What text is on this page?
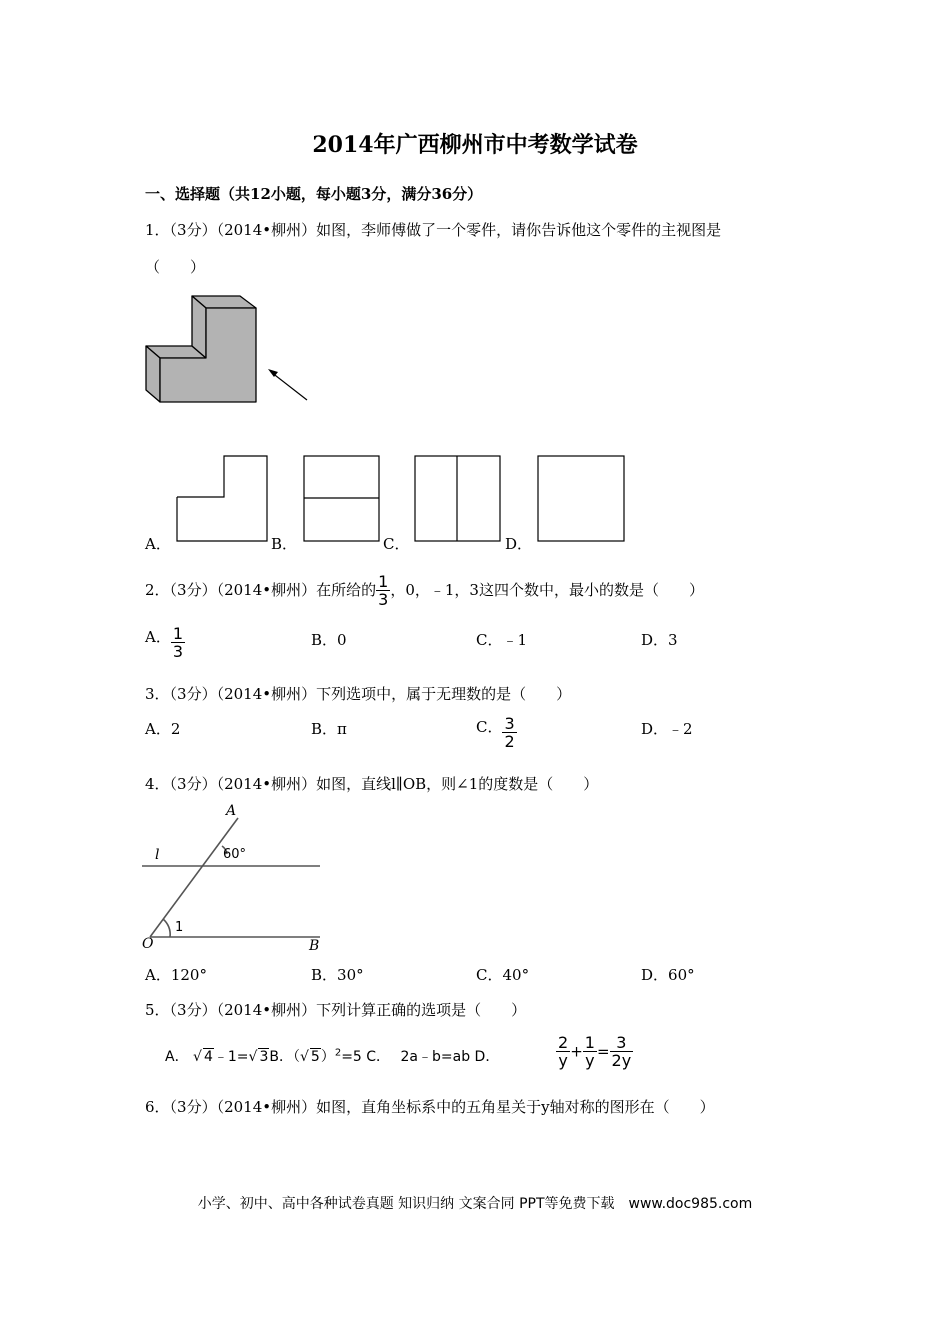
2014年广西柳州市中考数学试卷
一、选择题（共12小题，每小题3分，满分36分）
1．（3分）（2014•柳州）如图，李师傅做了一个零件，请你告诉他这个零件的主视图是
（　　）
A．	B．	C．	D．
2．（3分）（2014•柳州）在所给的 $\frac{1}{3}$ ，0，﹣1，3这四个数中，最小的数是（　　）
A． $\frac{1}{3}$	B．0	C．﹣1	D．3
3．（3分）（2014•柳州）下列选项中，属于无理数的是（　　）
A．2	B．π	C． $\frac{3}{2}$	D．﹣2
4．（3分）（2014•柳州）如图，直线l∥OB，则∠1的度数是（　　）
A
l
O	B
60°
1
A．120°	B．30°	C．40°	D．60°
5．（3分）（2014•柳州）下列计算正确的选项是（　　）
A． √ 4﹣1=√ 3B．（√ 5）$^2$=5 C． 2a﹣b=ab D．	$\frac{2}{y} + \frac{1}{y} = \frac{3}{2y}$
6．（3分）（2014•柳州）如图，直角坐标系中的五角星关于y轴对称的图形在（　　）
小学、初中、高中各种试卷真题 知识归纳 文案合同 PPT等免费下载　www.doc985.com
